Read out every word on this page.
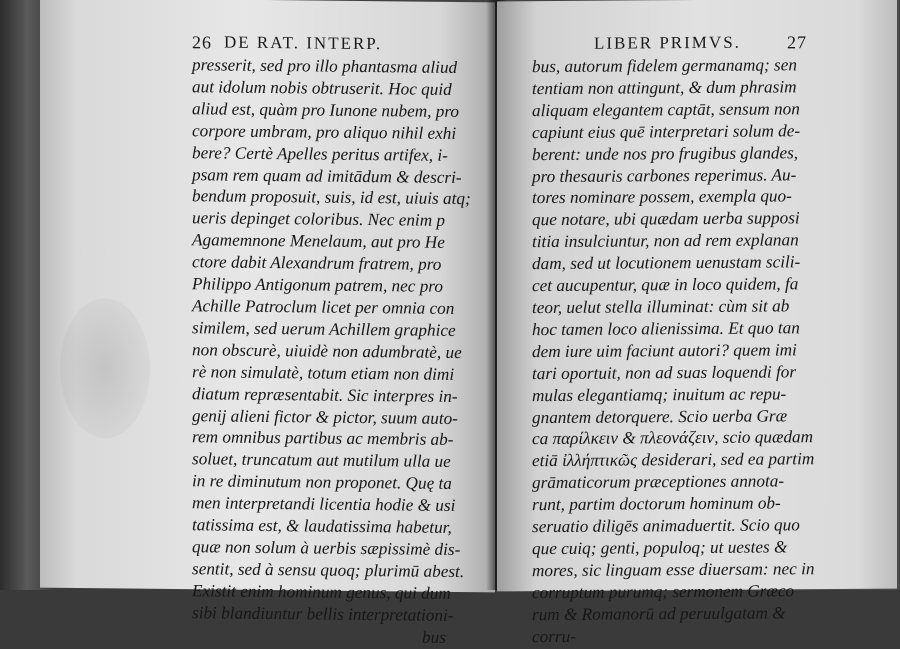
26 DE RAT. INTERP.
presserit, sed pro illo phantasma aliud
aut idolum nobis obtruserit. Hoc quid
aliud est, quàm pro Iunone nubem, pro
corpore umbram, pro aliquo nihil exhi
bere? Certè Apelles peritus artifex, i-
psam rem quam ad imitādum & descri-
bendum proposuit, suis, id est, uiuis atq;
ueris depinget coloribus. Nec enim p
Agamemnone Menelaum, aut pro He
ctore dabit Alexandrum fratrem, pro
Philippo Antigonum patrem, nec pro
Achille Patroclum licet per omnia con
similem, sed uerum Achillem graphice
non obscurè, uiuidè non adumbratè, ue
rè non simulatè, totum etiam non dimi
diatum repræsentabit. Sic interpres in-
genij alieni fictor & pictor, suum auto-
rem omnibus partibus ac membris ab-
soluet, truncatum aut mutilum ulla ue
in re diminutum non proponet. Quę ta
men interpretandi licentia hodie & usi
tatissima est, & laudatissima habetur,
quæ non solum à uerbis sæpissimè dis-
sentit, sed à sensu quoq; plurimū abest.
Existit enim hominum genus, qui dum
sibi blandiuntur bellis interpretationi-
bus
LIBER PRIMVS.	27
bus, autorum fidelem germanamq; sen
tentiam non attingunt, & dum phrasim
aliquam elegantem captāt, sensum non
capiunt eius quē interpretari solum de-
berent: unde nos pro frugibus glandes,
pro thesauris carbones reperimus. Au-
tores nominare possem, exempla quo-
que notare, ubi quædam uerba supposi
titia insulciuntur, non ad rem explanan
dam, sed ut locutionem uenustam scili-
cet aucupentur, quæ in loco quidem, fa
teor, uelut stella illuminat: cùm sit ab
hoc tamen loco alienissima. Et quo tan
dem iure uim faciunt autori? quem imi
tari oportuit, non ad suas loquendi for
mulas elegantiamq; inuitum ac repu-
gnantem detorquere. Scio uerba Græ
ca παρίλκειν & πλεονάζειν, scio quædam
etiā ἰλλήπτικῶς desiderari, sed ea partim
grāmaticorum præceptiones annota-
runt, partim doctorum hominum ob-
seruatio diligēs animaduertit. Scio quo
que cuiq; genti, populoq; ut uestes &
mores, sic linguam esse diuersam: nec in
corruptum purumq; sermonem Græco
rum & Romanorū ad peruulgatam &
corru-
